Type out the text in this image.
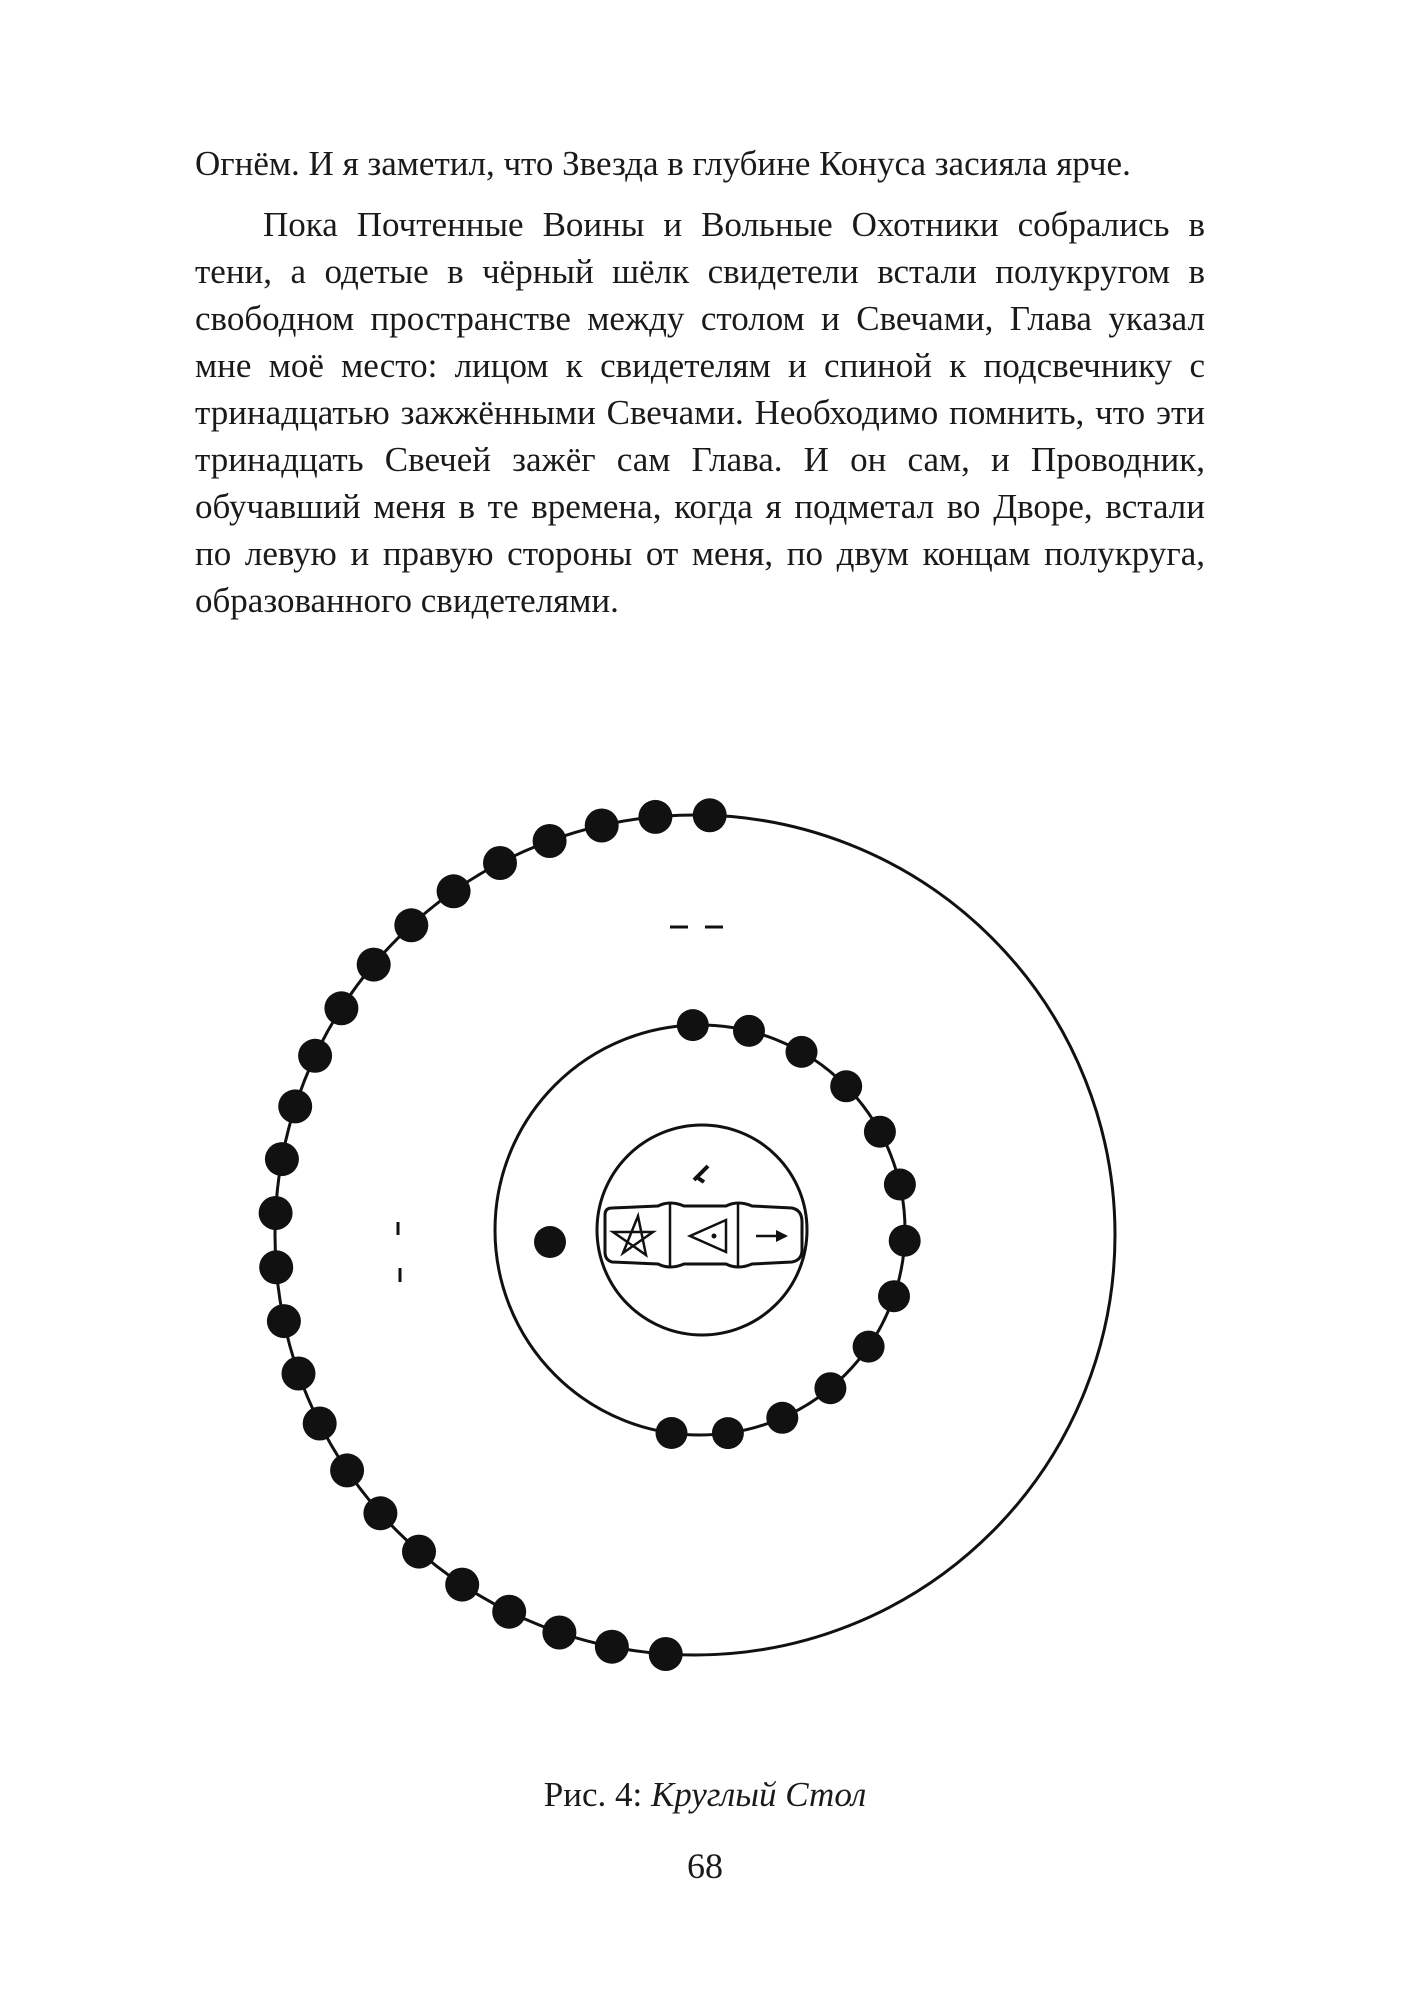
Огнём. И я заметил, что Звезда в глубине Конуса засияла ярче.

Пока Почтенные Воины и Вольные Охотники собрались в тени, а одетые в чёрный шёлк свидетели встали полукругом в свободном пространстве между столом и Свечами, Глава указал мне моё место: лицом к свидетелям и спиной к подсвечнику с тринадцатью зажжёнными Свечами. Необходимо помнить, что эти тринадцать Свечей зажёг сам Глава. И он сам, и Проводник, обучавший меня в те времена, когда я подметал во Дворе, встали по левую и правую стороны от меня, по двум концам полукруга, образованного свидетелями.

Рис. 4: Круглый Стол
68
